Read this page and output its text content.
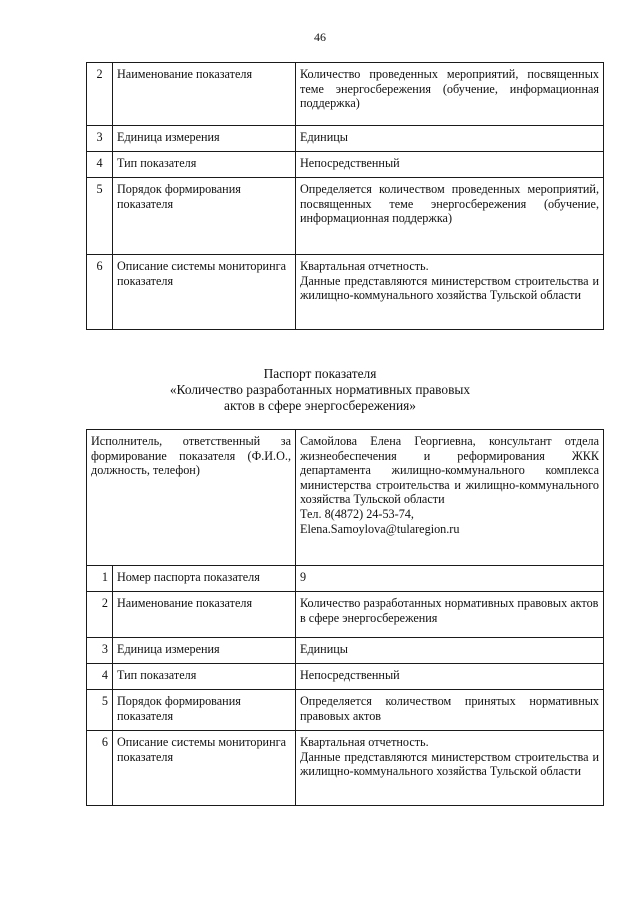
46
2	Наименование показателя	Количество проведенных мероприятий, посвященных теме энергосбережения (обучение, информационная поддержка)
3	Единица измерения	Единицы
4	Тип показателя	Непосредственный
5	Порядок формирования показателя	Определяется количеством проведенных мероприятий, посвященных теме энергосбережения (обучение, информационная поддержка)
6	Описание системы мониторинга показателя	Квартальная отчетность.
Данные представляются министерством строительства и жилищно-коммунального хозяйства Тульской области
Паспорт показателя
«Количество разработанных нормативных правовых
актов в сфере энергосбережения»
Исполнитель, ответственный за формирование показателя (Ф.И.О., должность, телефон)		Самойлова Елена Георгиевна, консультант отдела жизнеобеспечения и реформирования ЖКК департамента жилищно-коммунального комплекса министерства строительства и жилищно-коммунального хозяйства Тульской области
Тел. 8(4872) 24-53-74,
Elena.Samoylova@tularegion.ru

1	Номер паспорта показателя	9
2	Наименование показателя	Количество разработанных нормативных правовых актов в сфере энергосбережения
3	Единица измерения	Единицы
4	Тип показателя	Непосредственный
5	Порядок формирования показателя	Определяется количеством принятых нормативных правовых актов
6	Описание системы мониторинга показателя	Квартальная отчетность.
Данные представляются министерством строительства и жилищно-коммунального хозяйства Тульской области
